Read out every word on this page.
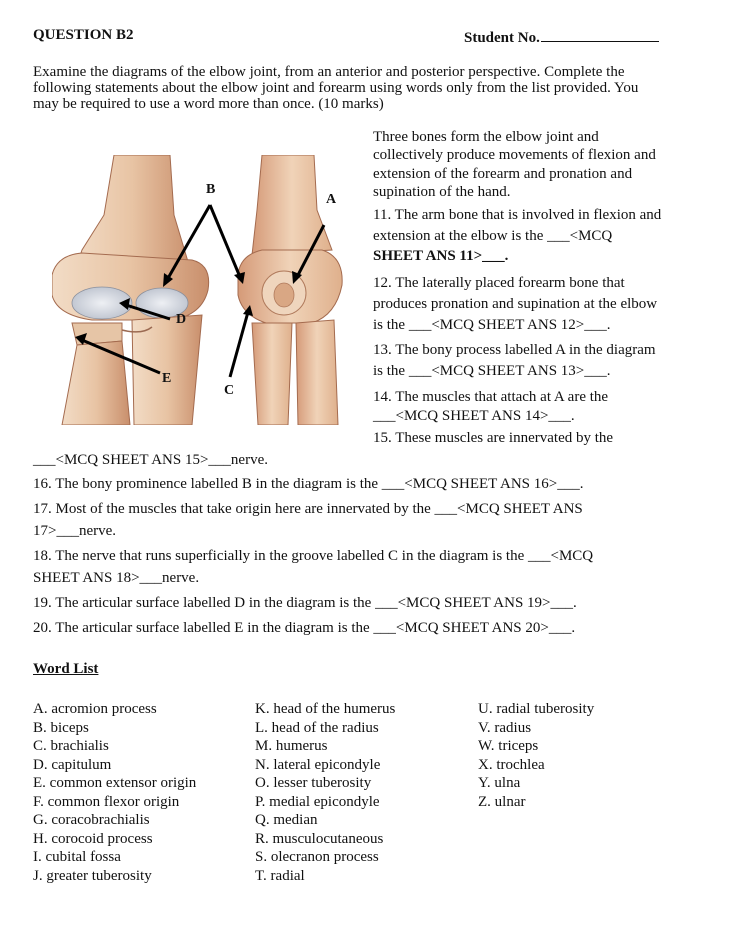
QUESTION B2	Student No.
Examine the diagrams of the elbow joint, from an anterior and posterior perspective. Complete the
following statements about the elbow joint and forearm using words only from the list provided. You
may be required to use a word more than once. (10 marks)
B
A
D
E
C
Three bones form the elbow joint and
collectively produce movements of flexion and
extension of the forearm and pronation and
supination of the hand.
11. The arm bone that is involved in flexion and
extension at the elbow is the ___<MCQ
SHEET ANS 11>___.
12. The laterally placed forearm bone that
produces pronation and supination at the elbow
is the ___<MCQ SHEET ANS 12>___.
13. The bony process labelled A in the diagram
is the ___<MCQ SHEET ANS 13>___.
14. The muscles that attach at A are the
___<MCQ SHEET ANS 14>___.
15. These muscles are innervated by the
___<MCQ SHEET ANS 15>___nerve.
16. The bony prominence labelled B in the diagram is the ___<MCQ SHEET ANS 16>___.
17. Most of the muscles that take origin here are innervated by the ___<MCQ SHEET ANS
17>___nerve.
18. The nerve that runs superficially in the groove labelled C in the diagram is the ___<MCQ
SHEET ANS 18>___nerve.
19. The articular surface labelled D in the diagram is the ___<MCQ SHEET ANS 19>___.
20. The articular surface labelled E in the diagram is the ___<MCQ SHEET ANS 20>___.
Word List
A. acromion process
B. biceps
C. brachialis
D. capitulum
E. common extensor origin
F. common flexor origin
G. coracobrachialis
H. corocoid process
I. cubital fossa
J. greater tuberosity
K. head of the humerus
L. head of the radius
M. humerus
N. lateral epicondyle
O. lesser tuberosity
P. medial epicondyle
Q. median
R. musculocutaneous
S. olecranon process
T. radial
U. radial tuberosity
V. radius
W. triceps
X. trochlea
Y. ulna
Z. ulnar
